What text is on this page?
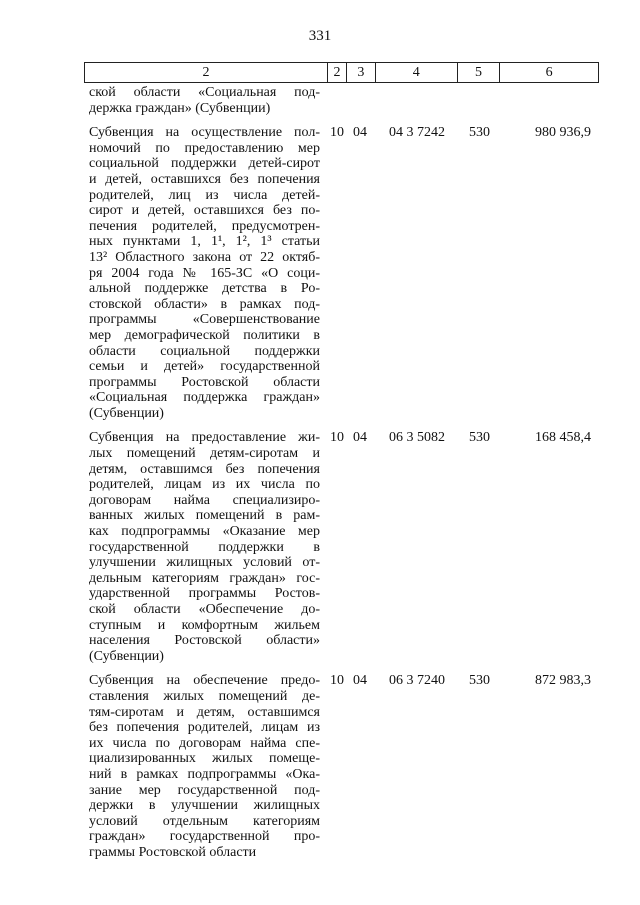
331
2	2	3	4	5	6
ской области «Социальная под-
держка граждан» (Субвенции)
Субвенция на осуществление пол-
номочий по предоставлению мер
социальной поддержки детей-сирот
и детей, оставшихся без попечения
родителей, лиц из числа детей-
сирот и детей, оставшихся без по-
печения родителей, предусмотрен-
ных пунктами 1, 1¹, 1², 1³ статьи
13² Областного закона от 22 октяб-
ря 2004 года № 165-ЗС «О соци-
альной поддержке детства в Ро-
стовской области» в рамках под-
программы «Совершенствование
мер демографической политики в
области социальной поддержки
семьи и детей» государственной
программы Ростовской области
«Социальная поддержка граждан»
(Субвенции)
10 04	04 3 7242	530	980 936,9
Субвенция на предоставление жи-
лых помещений детям-сиротам и
детям, оставшимся без попечения
родителей, лицам из их числа по
договорам найма специализиро-
ванных жилых помещений в рам-
ках подпрограммы «Оказание мер
государственной поддержки в
улучшении жилищных условий от-
дельным категориям граждан» гос-
ударственной программы Ростов-
ской области «Обеспечение до-
ступным и комфортным жильем
населения Ростовской области»
(Субвенции)
10 04	06 3 5082	530	168 458,4
Субвенция на обеспечение предо-
ставления жилых помещений де-
тям-сиротам и детям, оставшимся
без попечения родителей, лицам из
их числа по договорам найма спе-
циализированных жилых помеще-
ний в рамках подпрограммы «Ока-
зание мер государственной под-
держки в улучшении жилищных
условий отдельным категориям
граждан» государственной про-
граммы Ростовской области
10 04	06 3 7240	530	872 983,3
